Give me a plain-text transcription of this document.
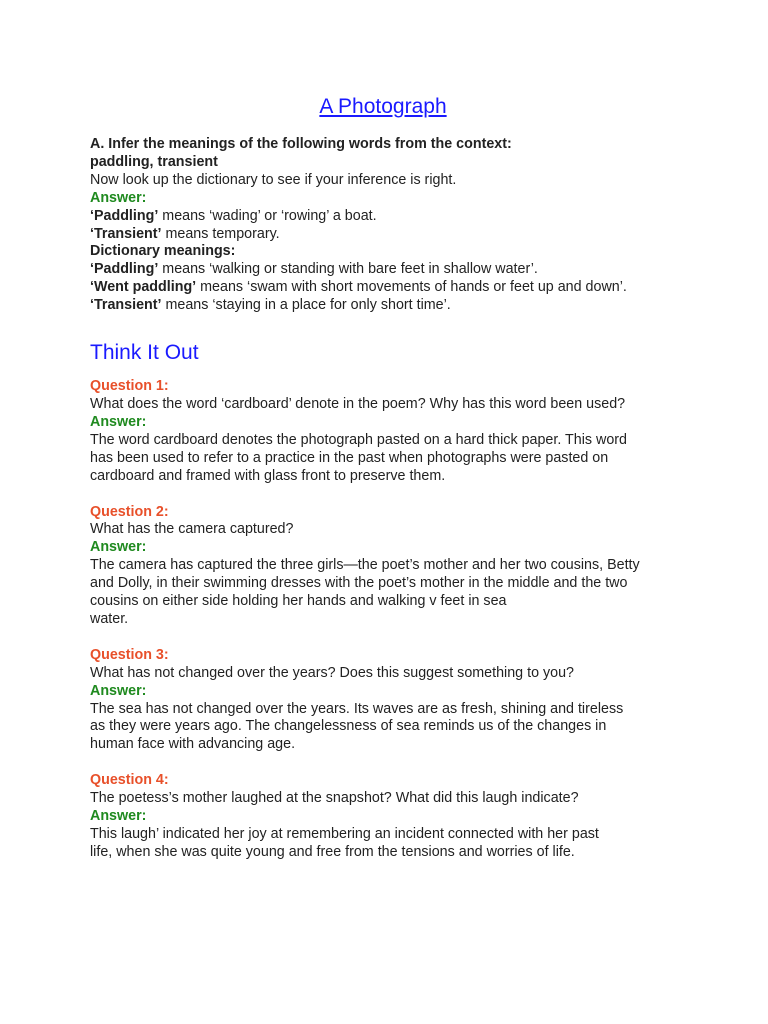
A Photograph
A. Infer the meanings of the following words from the context:
paddling, transient
Now look up the dictionary to see if your inference is right.
Answer:
‘Paddling’ means ‘wading’ or ‘rowing’ a boat.
‘Transient’ means temporary.
Dictionary meanings:
‘Paddling’ means ‘walking or standing with bare feet in shallow water’.
‘Went paddling’ means ‘swam with short movements of hands or feet up and down’.
‘Transient’ means ‘staying in a place for only short time’.
Think It Out
Question 1:
What does the word ‘cardboard’ denote in the poem? Why has this word been used?
Answer:
The word cardboard denotes the photograph pasted on a hard thick paper. This word
has been used to refer to a practice in the past when photographs were pasted on
cardboard and framed with glass front to preserve them.
Question 2:
What has the camera captured?
Answer:
The camera has captured the three girls—the poet’s mother and her two cousins, Betty
and Dolly, in their swimming dresses with the poet’s mother in the middle and the two
cousins on either side holding her hands and walking v feet in sea
water.
Question 3:
What has not changed over the years? Does this suggest something to you?
Answer:
The sea has not changed over the years. Its waves are as fresh, shining and tireless
as they were years ago. The changelessness of sea reminds us of the changes in
human face with advancing age.
Question 4:
The poetess’s mother laughed at the snapshot? What did this laugh indicate?
Answer:
This laugh’ indicated her joy at remembering an incident connected with her past
life, when she was quite young and free from the tensions and worries of life.
